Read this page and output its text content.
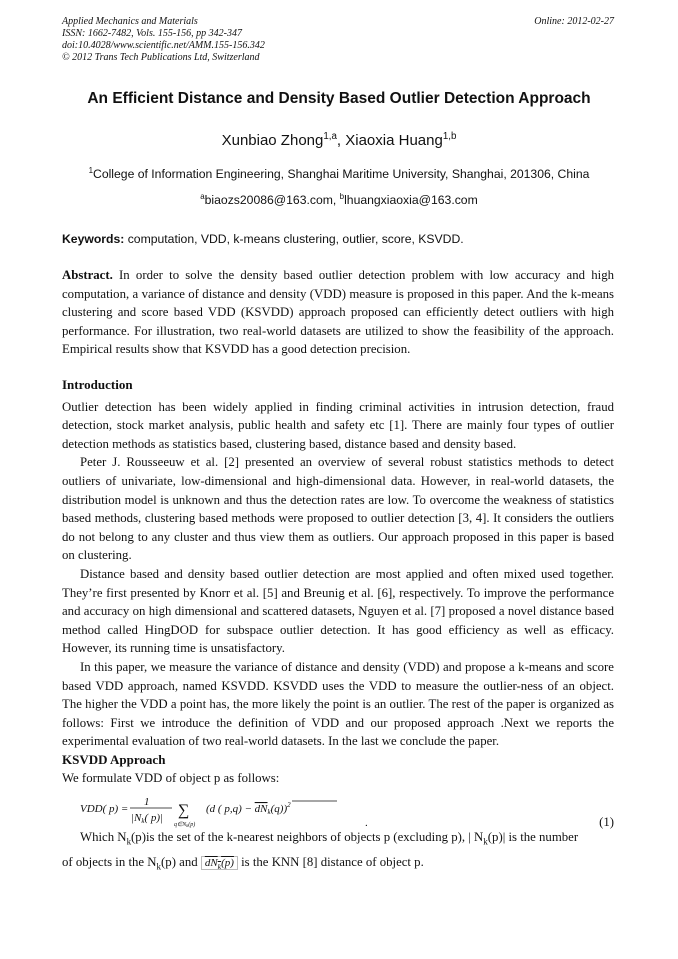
Applied Mechanics and Materials
ISSN: 1662-7482, Vols. 155-156, pp 342-347
doi:10.4028/www.scientific.net/AMM.155-156.342
© 2012 Trans Tech Publications Ltd, Switzerland
Online: 2012-02-27
An Efficient Distance and Density Based Outlier Detection Approach
Xunbiao Zhong$^{1,a}$, Xiaoxia Huang$^{1,b}$
$^1$College of Information Engineering, Shanghai Maritime University, Shanghai, 201306, China
$^a$biaozs20086@163.com, $^b$lhuangxiaoxia@163.com
Keywords: computation, VDD, k-means clustering, outlier, score, KSVDD.

Abstract. In order to solve the density based outlier detection problem with low accuracy and high computation, a variance of distance and density (VDD) measure is proposed in this paper. And the k-means clustering and score based VDD (KSVDD) approach proposed can efficiently detect outliers with high performance. For illustration, two real-world datasets are utilized to show the feasibility of the approach. Empirical results show that KSVDD has a good detection precision.

Introduction

Outlier detection has been widely applied in finding criminal activities in intrusion detection, fraud detection, stock market analysis, public health and safety etc [1]. There are mainly four types of outlier detection methods as statistics based, clustering based, distance based and density based.

Peter J. Rousseeuw et al. [2] presented an overview of several robust statistics methods to detect outliers of univariate, low-dimensional and high-dimensional data. However, in real-world datasets, the distribution model is unknown and thus the detection rates are low. To overcome the weakness of statistics based methods, clustering based methods were proposed to outlier detection [3, 4]. It considers the outliers do not belong to any cluster and thus view them as outliers. Our approach proposed in this paper is based on clustering.

Distance based and density based outlier detection are most applied and often mixed used together. They’re first presented by Knorr et al. [5] and Breunig et al. [6], respectively. To improve the performance and accuracy on high dimensional and scattered datasets, Nguyen et al. [7] proposed a novel distance based method called HingDOD for subspace outlier detection. It has good efficiency as well as efficacy. However, its running time is unsatisfactory.

In this paper, we measure the variance of distance and density (VDD) and propose a k-means and score based VDD approach, named KSVDD. KSVDD uses the VDD to measure the outlier-ness of an object. The higher the VDD a point has, the more likely the point is an outlier. The rest of the paper is organized as follows: First we introduce the definition of VDD and our proposed approach .Next we reports the experimental evaluation of two real-world datasets. In the last we conclude the paper.

KSVDD Approach

We formulate VDD of object p as follows:

VDD( p) =
1
|Nk( p)| ∑
q∈Nk(p)
(d ( p,q) − dNk(q))$^2$
.	(1)

Which $N_k(p)is$ the set of the k-nearest neighbors of objects p (excluding p), | $N_k(p)|$ is the number

of objects in the $N_k(p)$ and $dN_k(p)$ is the KNN [8] distance of object p.
